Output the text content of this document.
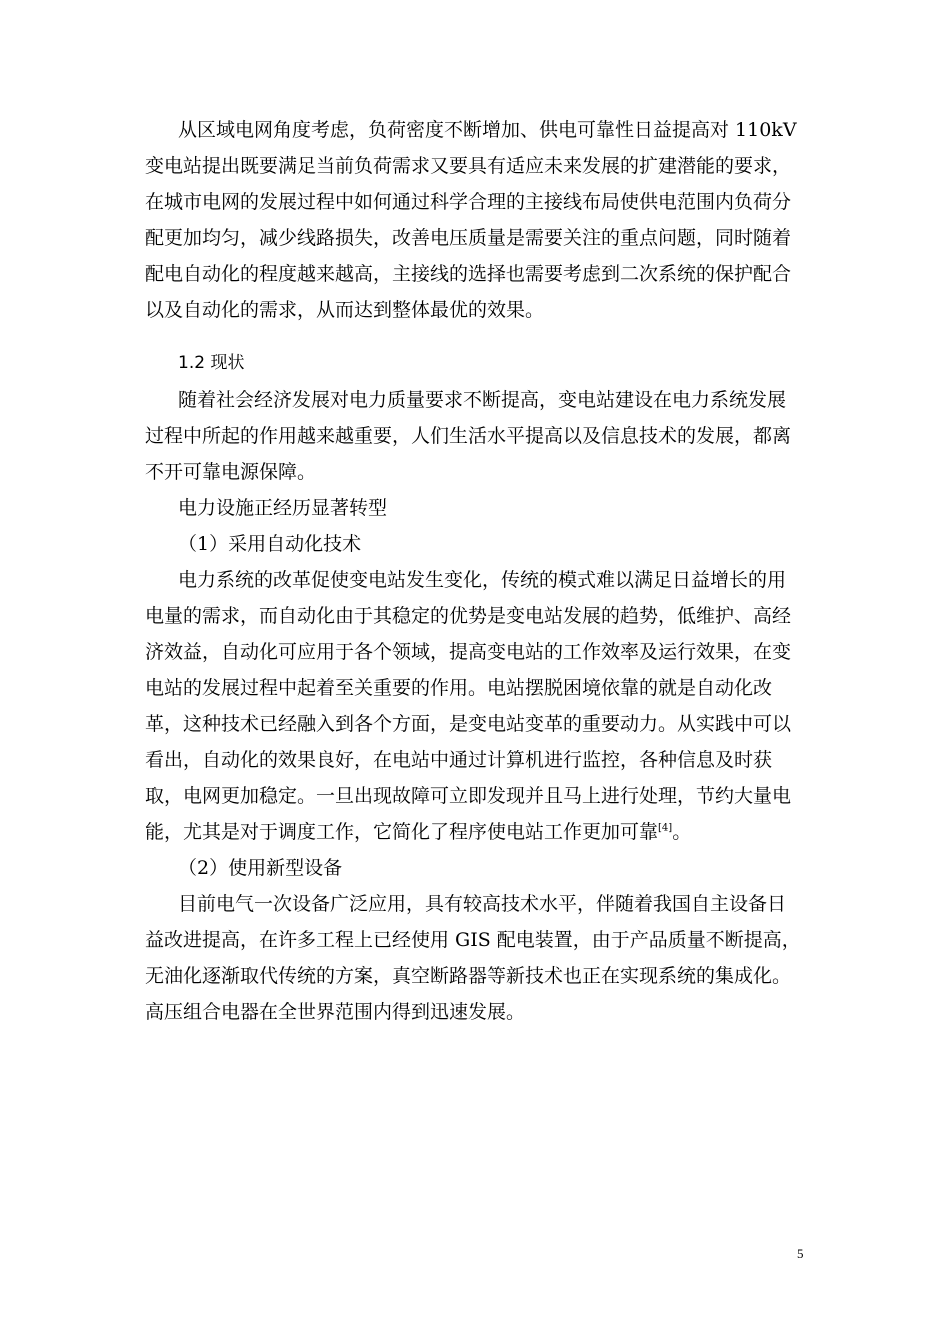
从区域电网角度考虑，负荷密度不断增加、供电可靠性日益提高对 110kV
变电站提出既要满足当前负荷需求又要具有适应未来发展的扩建潜能的要求，
在城市电网的发展过程中如何通过科学合理的主接线布局使供电范围内负荷分
配更加均匀，减少线路损失，改善电压质量是需要关注的重点问题，同时随着
配电自动化的程度越来越高，主接线的选择也需要考虑到二次系统的保护配合
以及自动化的需求，从而达到整体最优的效果。
1.2 现状
随着社会经济发展对电力质量要求不断提高，变电站建设在电力系统发展
过程中所起的作用越来越重要，人们生活水平提高以及信息技术的发展，都离
不开可靠电源保障。
电力设施正经历显著转型
（1）采用自动化技术
电力系统的改革促使变电站发生变化，传统的模式难以满足日益增长的用
电量的需求，而自动化由于其稳定的优势是变电站发展的趋势，低维护、高经
济效益，自动化可应用于各个领域，提高变电站的工作效率及运行效果，在变
电站的发展过程中起着至关重要的作用。电站摆脱困境依靠的就是自动化改
革，这种技术已经融入到各个方面，是变电站变革的重要动力。从实践中可以
看出，自动化的效果良好，在电站中通过计算机进行监控，各种信息及时获
取，电网更加稳定。一旦出现故障可立即发现并且马上进行处理，节约大量电
能，尤其是对于调度工作，它简化了程序使电站工作更加可靠[4]。
（2）使用新型设备
目前电气一次设备广泛应用，具有较高技术水平，伴随着我国自主设备日
益改进提高，在许多工程上已经使用 GIS 配电装置，由于产品质量不断提高，
无油化逐渐取代传统的方案，真空断路器等新技术也正在实现系统的集成化。
高压组合电器在全世界范围内得到迅速发展。
5
